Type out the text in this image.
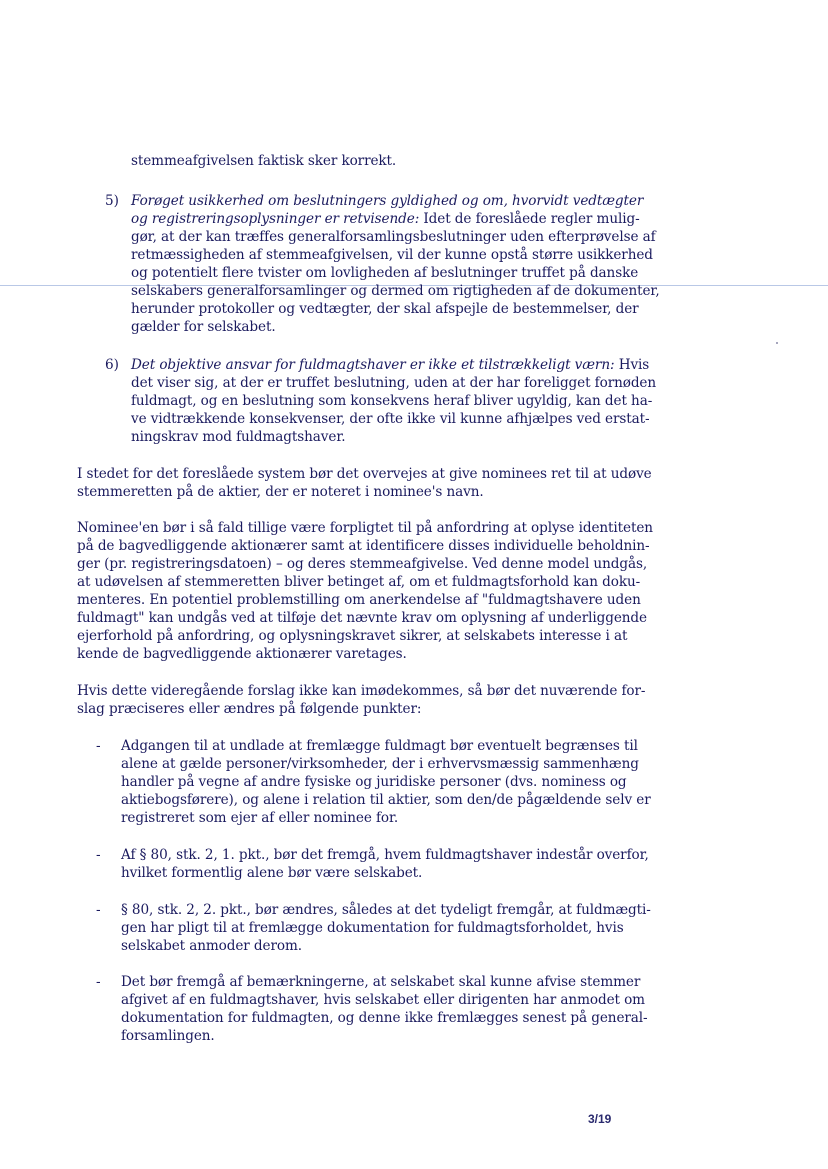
stemmeafgivelsen faktisk sker korrekt.
5) Forøget usikkerhed om beslutningers gyldighed og om, hvorvidt vedtægter
og registreringsoplysninger er retvisende: Idet de foreslåede regler mulig-
gør, at der kan træffes generalforsamlingsbeslutninger uden efterprøvelse af
retmæssigheden af stemmeafgivelsen, vil der kunne opstå større usikkerhed
og potentielt flere tvister om lovligheden af beslutninger truffet på danske
selskabers generalforsamlinger og dermed om rigtigheden af de dokumenter,
herunder protokoller og vedtægter, der skal afspejle de bestemmelser, der
gælder for selskabet.
6) Det objektive ansvar for fuldmagtshaver er ikke et tilstrækkeligt værn: Hvis
det viser sig, at der er truffet beslutning, uden at der har foreligget fornøden
fuldmagt, og en beslutning som konsekvens heraf bliver ugyldig, kan det ha-
ve vidtrækkende konsekvenser, der ofte ikke vil kunne afhjælpes ved erstat-
ningskrav mod fuldmagtshaver.
I stedet for det foreslåede system bør det overvejes at give nominees ret til at udøve
stemmeretten på de aktier, der er noteret i nominee's navn.
Nominee'en bør i så fald tillige være forpligtet til på anfordring at oplyse identiteten
på de bagvedliggende aktionærer samt at identificere disses individuelle beholdnin-
ger (pr. registreringsdatoen) – og deres stemmeafgivelse. Ved denne model undgås,
at udøvelsen af stemmeretten bliver betinget af, om et fuldmagtsforhold kan doku-
menteres. En potentiel problemstilling om anerkendelse af "fuldmagtshavere uden
fuldmagt" kan undgås ved at tilføje det nævnte krav om oplysning af underliggende
ejerforhold på anfordring, og oplysningskravet sikrer, at selskabets interesse i at
kende de bagvedliggende aktionærer varetages.
Hvis dette videregående forslag ikke kan imødekommes, så bør det nuværende for-
slag præciseres eller ændres på følgende punkter:
- Adgangen til at undlade at fremlægge fuldmagt bør eventuelt begrænses til
alene at gælde personer/virksomheder, der i erhvervsmæssig sammenhæng
handler på vegne af andre fysiske og juridiske personer (dvs. nominess og
aktiebogsførere), og alene i relation til aktier, som den/de pågældende selv er
registreret som ejer af eller nominee for.
- Af § 80, stk. 2, 1. pkt., bør det fremgå, hvem fuldmagtshaver indestår overfor,
hvilket formentlig alene bør være selskabet.
- § 80, stk. 2, 2. pkt., bør ændres, således at det tydeligt fremgår, at fuldmægti-
gen har pligt til at fremlægge dokumentation for fuldmagtsforholdet, hvis
selskabet anmoder derom.
- Det bør fremgå af bemærkningerne, at selskabet skal kunne afvise stemmer
afgivet af en fuldmagtshaver, hvis selskabet eller dirigenten har anmodet om
dokumentation for fuldmagten, og denne ikke fremlægges senest på general-
forsamlingen.
3/19
